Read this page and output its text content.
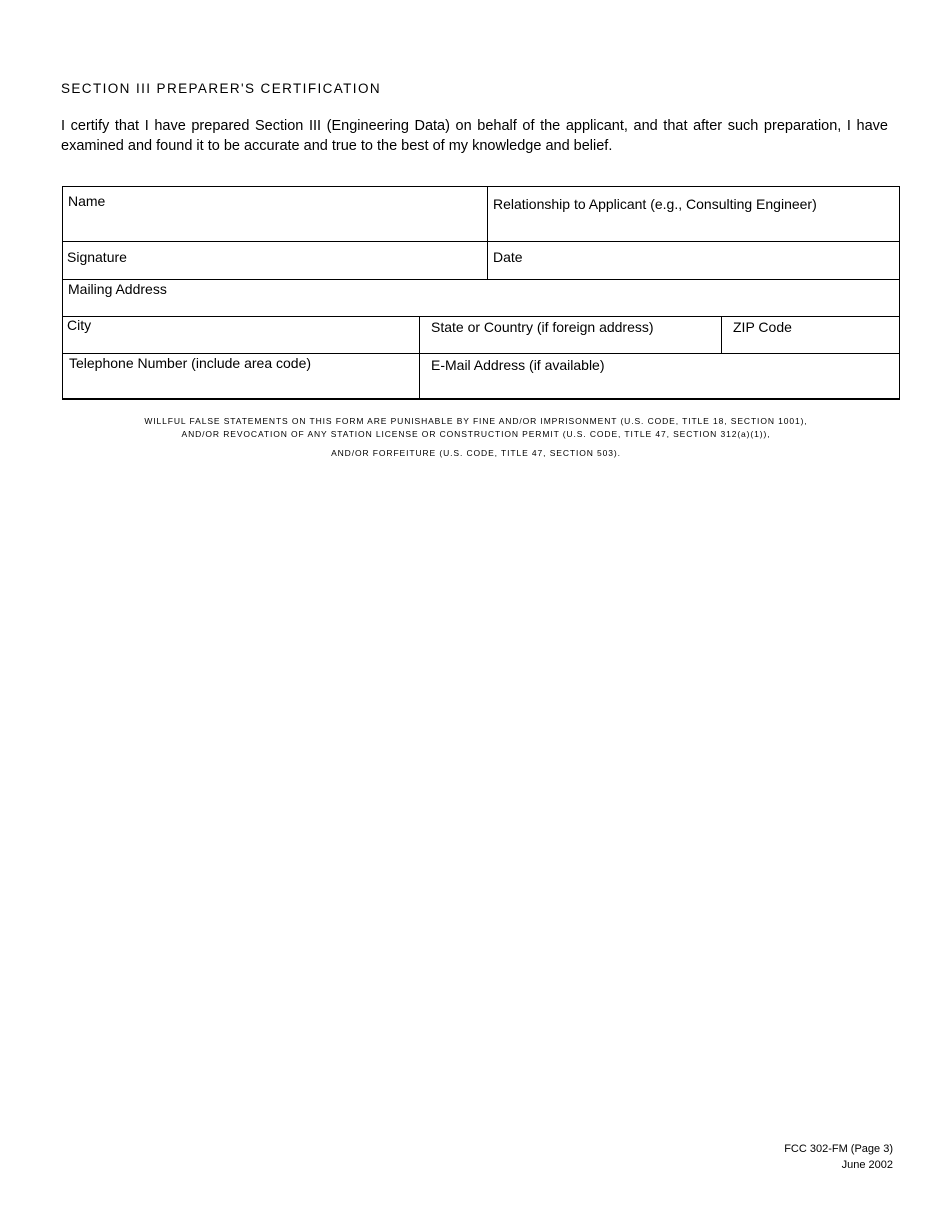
SECTION III PREPARER'S CERTIFICATION
I certify that I have prepared Section III (Engineering Data) on behalf of the applicant, and that after such preparation, I have examined and found it to be accurate and true to the best of my knowledge and belief.
Name	Relationship to Applicant (e.g., Consulting Engineer)
Signature	Date
Mailing Address
City	State or Country (if foreign address)	ZIP Code
Telephone Number (include area code)	E-Mail Address (if available)
WILLFUL FALSE STATEMENTS ON THIS FORM ARE PUNISHABLE BY FINE AND/OR IMPRISONMENT (U.S. CODE, TITLE 18, SECTION 1001),
AND/OR REVOCATION OF ANY STATION LICENSE OR CONSTRUCTION PERMIT (U.S. CODE, TITLE 47, SECTION 312(a)(1)),
AND/OR FORFEITURE (U.S. CODE, TITLE 47, SECTION 503).
FCC 302-FM (Page 3)
June 2002
